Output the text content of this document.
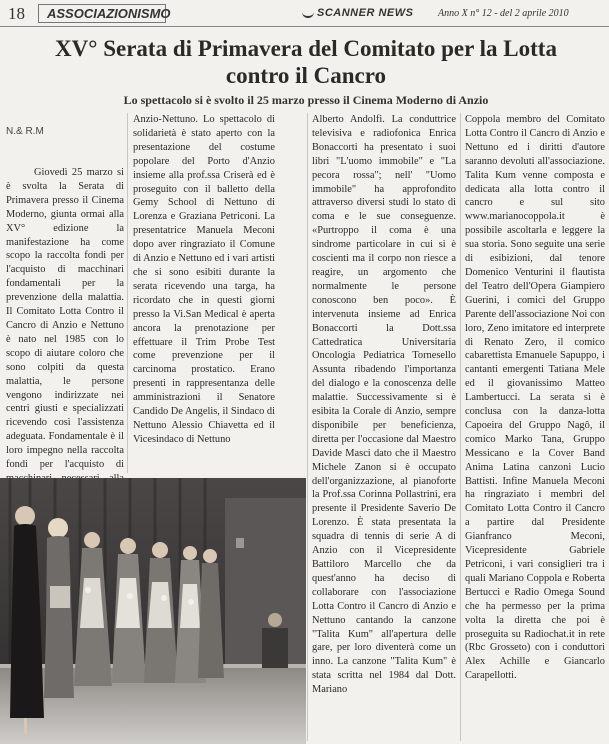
18	ASSOCIAZIONISMO	SCANNER NEWS Anno X n° 12 - del 2 aprile 2010
XV° Serata di Primavera del Comitato per la Lotta contro il Cancro
Lo spettacolo si è svolto il 25 marzo presso il Cinema Moderno di Anzio
N.& R.M

Giovedì 25 marzo si è svolta la Serata di Primavera presso il Cinema Moderno, giunta ormai alla XV° edizione la manifestazione ha come scopo la raccolta fondi per l'acquisto di macchinari fondamentali per la prevenzione della malattia. Il Comitato Lotta Contro il Cancro di Anzio e Nettuno è nato nel 1985 con lo scopo di aiutare coloro che sono colpiti da questa malattia, le persone vengono indirizzate nei centri giusti e specializzati ricevendo così l'assistenza adeguata. Fondamentale è il loro impegno nella raccolta fondi per l'acquisto di

Anzio-Nettuno. Lo spettacolo di solidarietà è stato aperto con la presentazione del costume popolare del Porto d'Anzio insieme alla prof.ssa Criserà ed è proseguito con il balletto della Gemy School di Nettuno di Lorenza e Graziana Petriconi. La presentatrice Manuela Meconi dopo aver ringraziato il Comune di Anzio e Nettuno ed i vari artisti che si sono esibiti durante la serata ricevendo una targa, ha ricordato che in questi giorni presso la Vi.San Medical è aperta ancora la prenotazione per effettuare il Trim Probe Test come prevenzione per il carcinoma prostatico. Erano presenti in rappresentanza delle amministrazioni il Senatore Candido De Angelis, il Sindaco di Nettuno Alessio Chiavetta ed il Vicesindaco di Nettuno

Alberto Andolfi. La conduttrice televisiva e radiofonica Enrica Bonaccorti ha presentato i suoi libri "L'uomo immobile" e "La pecora rossa"; nell' "Uomo immobile" ha approfondito attraverso diversi studi lo stato di coma e le sue conseguenze. «Purtroppo il coma è una sindrome particolare in cui si è coscienti ma il corpo non riesce a reagire, un argomento che normalmente le persone conoscono ben poco». È intervenuta insieme ad Enrica Bonaccorti la Dott.ssa Cattedratica Universitaria Oncologia Pediatrica Tornesello Assunta ribadendo l'importanza del dialogo e la conoscenza delle malattie. Successivamente si è esibita la Corale di Anzio, sempre disponibile per beneficienza, diretta per l'occasione dal Maestro Davide Masci dato che il Maestro Michele Zanon si è occupato dell'organizzazione, al pianoforte la Prof.ssa Corinna Pollastrini, era presente il Presidente Saverio De Lorenzo. È stata presentata la squadra di tennis di serie A di Anzio con il Vicepresidente Battiloro Marcello che da quest'anno ha deciso di collaborare con l'associazione Lotta Contro il Cancro di Anzio e Nettuno cantando la canzone "Talita Kum" all'apertura delle gare, per loro diventerà come un inno. La canzone "Talita Kum" è stata scritta nel 1984 dal Dott. Mariano

Coppola membro del Comitato Lotta Contro il Cancro di Anzio e Nettuno ed i diritti d'autore saranno devoluti all'associazione. Talita Kum venne composta e dedicata alla lotta contro il cancro e sul sito www.marianocoppola.it è possibile ascoltarla e leggere la sua storia. Sono seguite una serie di esibizioni, dal tenore Domenico Venturini il flautista del Teatro dell'Opera Giampiero Guerini, i comici del Gruppo Parente dell'associazione Noi con loro, Zeno imitatore ed interprete di Renato Zero, il comico cabarettista Emanuele Sapuppo, i cantanti emergenti Tatiana Mele ed il giovanissimo Matteo Lambertucci. La serata si è conclusa con la danza-lotta Capoeira del Gruppo Nagô, il comico Marko Tana, Gruppo Messicano e la Cover Band Anima Latina canzoni Lucio Battisti. Infine Manuela Meconi ha ringraziato i membri del Comitato Lotta Contro il Cancro a partire dal Presidente Gianfranco Meconi, Vicepresidente Gabriele Petriconi, i vari consiglieri tra i quali Mariano Coppola e Roberta Bertucci e Radio Omega Sound che ha permesso per la prima volta la diretta che poi è proseguita su Radiochat.it in rete (Rbc Grosseto) con i conduttori Alex Achille e Giancarlo Carapellotti.
